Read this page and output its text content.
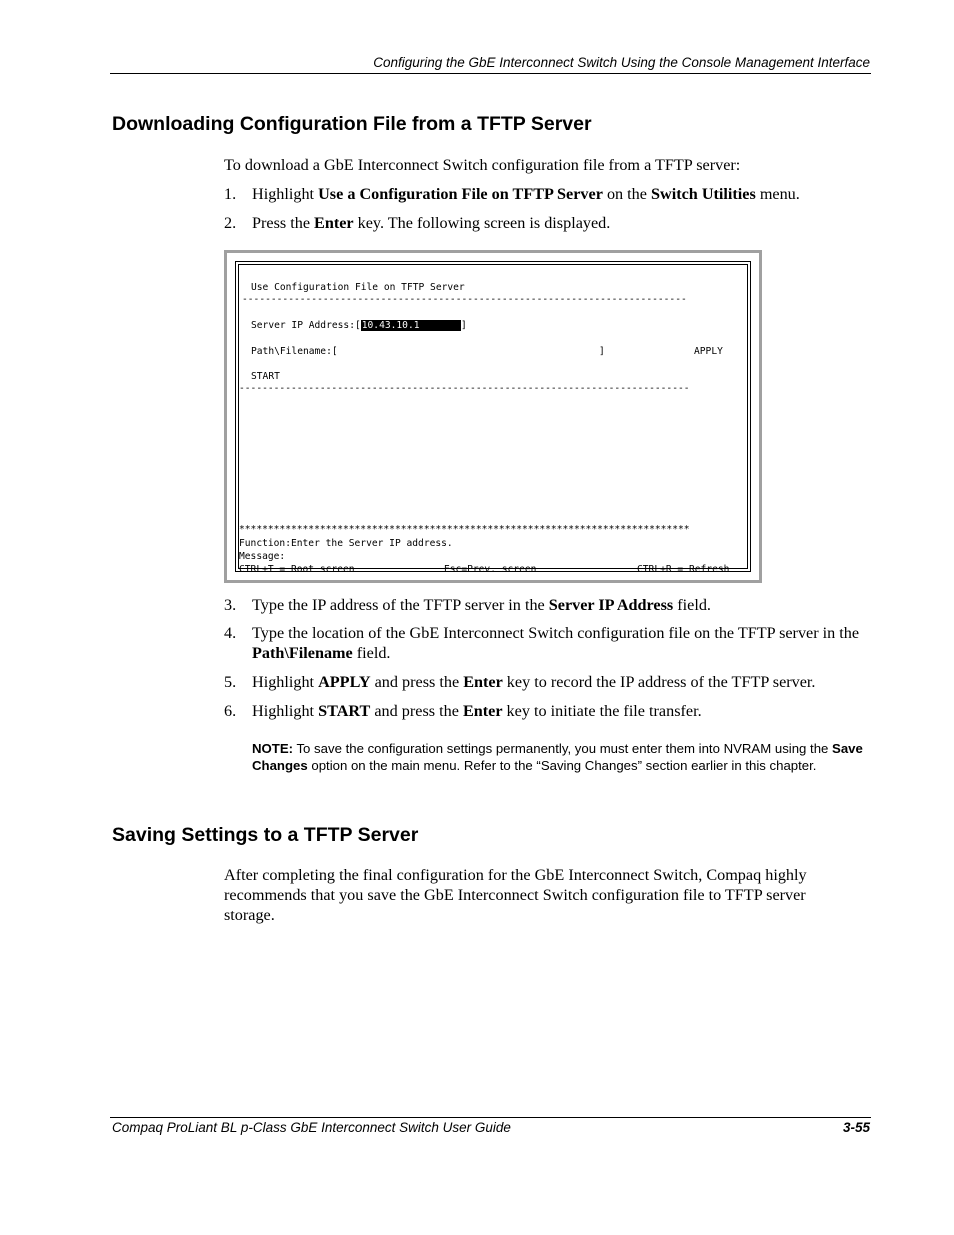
Configuring the GbE Interconnect Switch Using the Console Management Interface
Downloading Configuration File from a TFTP Server
To download a GbE Interconnect Switch configuration file from a TFTP server:
1. Highlight Use a Configuration File on TFTP Server on the Switch Utilities menu.
2. Press the Enter key. The following screen is displayed.
Use Configuration File on TFTP Server
-----------------------------------------------------------------------------
Server IP Address:[10.43.10.1       ]
Path\Filename:[	]	APPLY
START
------------------------------------------------------------------------------
******************************************************************************
Function:Enter the Server IP address.
Message:
CTRL+T = Root screen	Esc=Prev. screen	CTRL+R = Refresh
3. Type the IP address of the TFTP server in the Server IP Address field.
4. Type the location of the GbE Interconnect Switch configuration file on the TFTP server in the Path\Filename field.
5. Highlight APPLY and press the Enter key to record the IP address of the TFTP server.
6. Highlight START and press the Enter key to initiate the file transfer.
NOTE: To save the configuration settings permanently, you must enter them into NVRAM using the Save Changes option on the main menu. Refer to the “Saving Changes” section earlier in this chapter.
Saving Settings to a TFTP Server
After completing the final configuration for the GbE Interconnect Switch, Compaq highly recommends that you save the GbE Interconnect Switch configuration file to TFTP server storage.
Compaq ProLiant BL p-Class GbE Interconnect Switch User Guide	3-55
